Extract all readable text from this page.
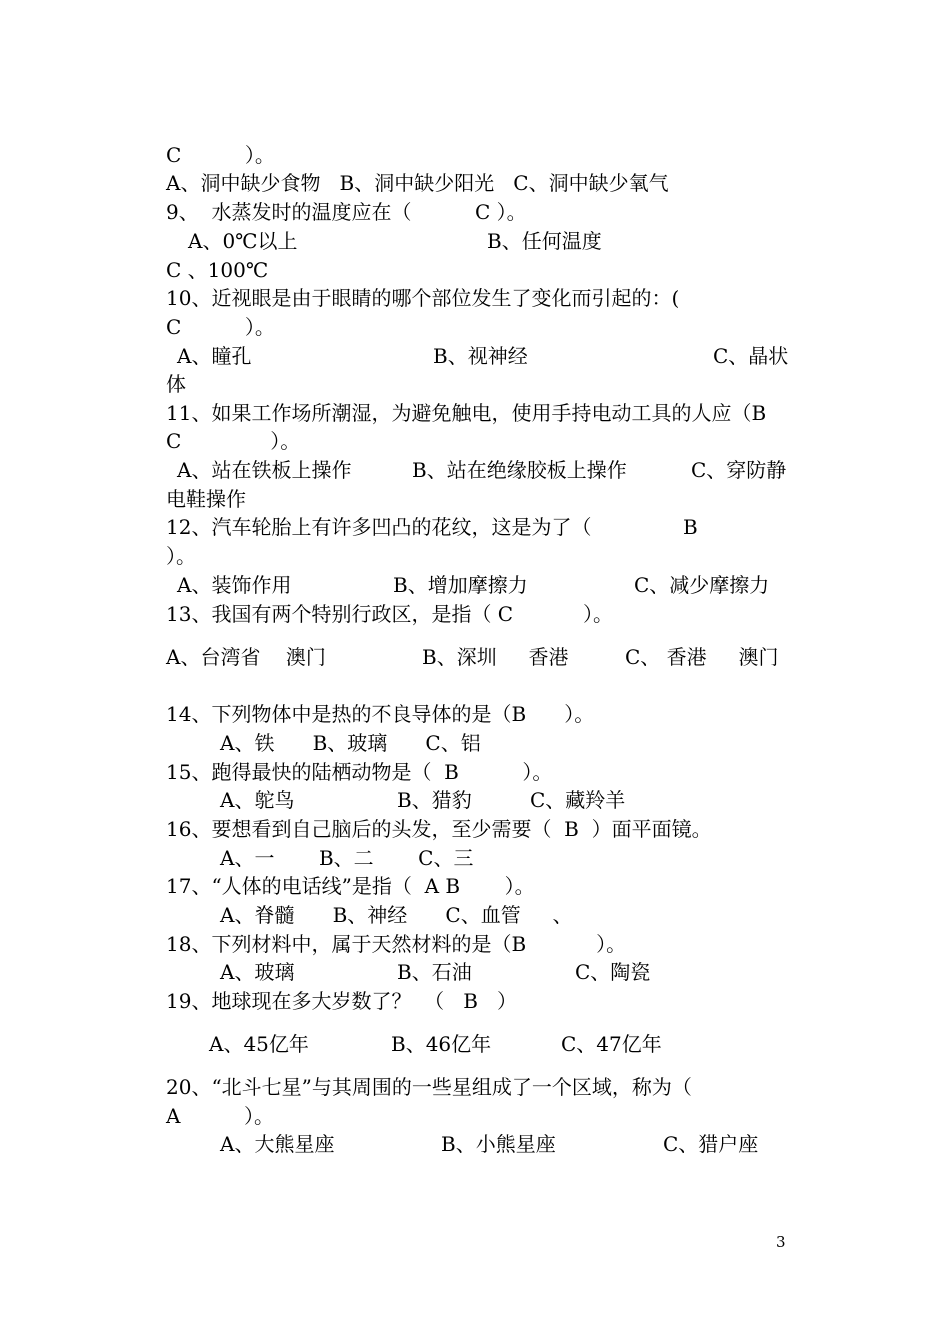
C          ）。
A、洞中缺少食物   B、洞中缺少阳光   C、洞中缺少氧气
9、  水蒸发时的温度应在（          C ）。
A、0℃以上	B、任何温度
C 、100℃
10、近视眼是由于眼睛的哪个部位发生了变化而引起的：(
C          ）。
A、瞳孔	B、视神经	C、晶状
体
11、如果工作场所潮湿，为避免触电，使用手持电动工具的人应（B
C              ）。
A、站在铁板上操作	B、站在绝缘胶板上操作	C、穿防静
电鞋操作
12、汽车轮胎上有许多凹凸的花纹，这是为了（	B
）。
A、装饰作用	B、增加摩擦力	C、减少摩擦力
13、我国有两个特别行政区，是指（ C           ）。
A、台湾省    澳门	B、深圳     香港	C、 香港     澳门
14、下列物体中是热的不良导体的是（B      ）。
A、铁      B、玻璃      C、铝
15、跑得最快的陆栖动物是（  B          ）。
A、鸵鸟	B、猎豹	C、藏羚羊
16、要想看到自己脑后的头发，至少需要（  B  ）面平面镜。
A、一       B、二       C、三
17、“人体的电话线”是指（  A B       ）。
A、脊髓      B、神经      C、血管     、
18、下列材料中，属于天然材料的是（B           ）。
A、玻璃	B、石油	C、陶瓷
19、地球现在多大岁数了？  （   B   ）
A、45亿年	B、46亿年	C、47亿年
20、“北斗七星”与其周围的一些星组成了一个区域，称为（
A          ）。
A、大熊星座	B、小熊星座	C、猎户座
3
